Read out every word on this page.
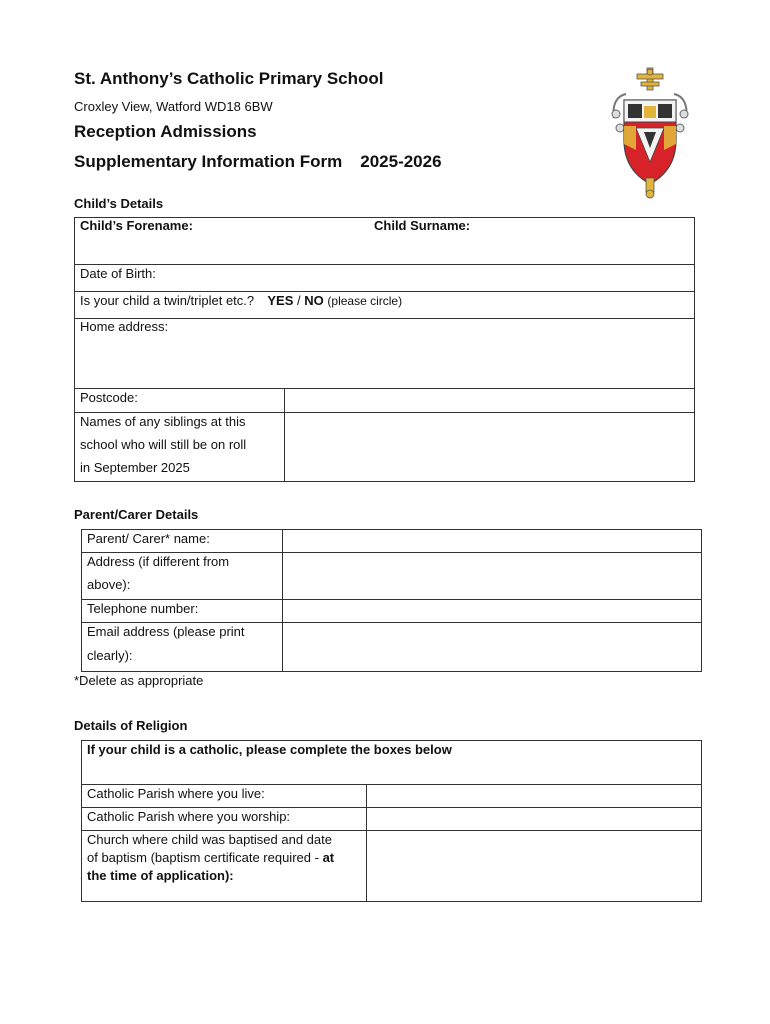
St. Anthony’s Catholic Primary School
Croxley View, Watford WD18 6BW
Reception Admissions
Supplementary Information Form 2025-2026
Child’s Details
Child’s Forename:	Child Surname:
Date of Birth:
Is your child a twin/triplet etc.? YES / NO (please circle)
Home address:
Postcode:
Names of any siblings at this
school who will still be on roll
in September 2025
Parent/Carer Details
Parent/ Carer* name:
Address (if different from
above):
Telephone number:
Email address (please print
clearly):
*Delete as appropriate
Details of Religion
If your child is a catholic, please complete the boxes below
Catholic Parish where you live:
Catholic Parish where you worship:
Church where child was baptised and date
of baptism (baptism certificate required - at
the time of application):
